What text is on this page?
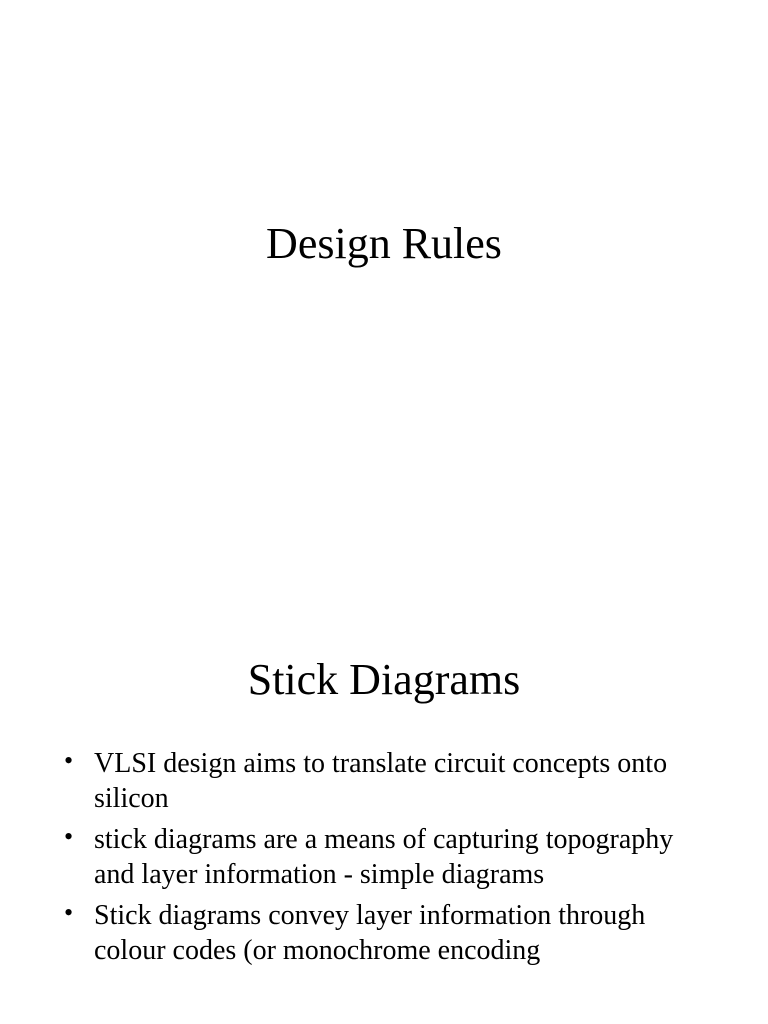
Design Rules
Stick Diagrams
• VLSI design aims to translate circuit concepts onto silicon
• stick diagrams are a means of capturing topography and layer information - simple diagrams
• Stick diagrams convey layer information through colour codes (or monochrome encoding
